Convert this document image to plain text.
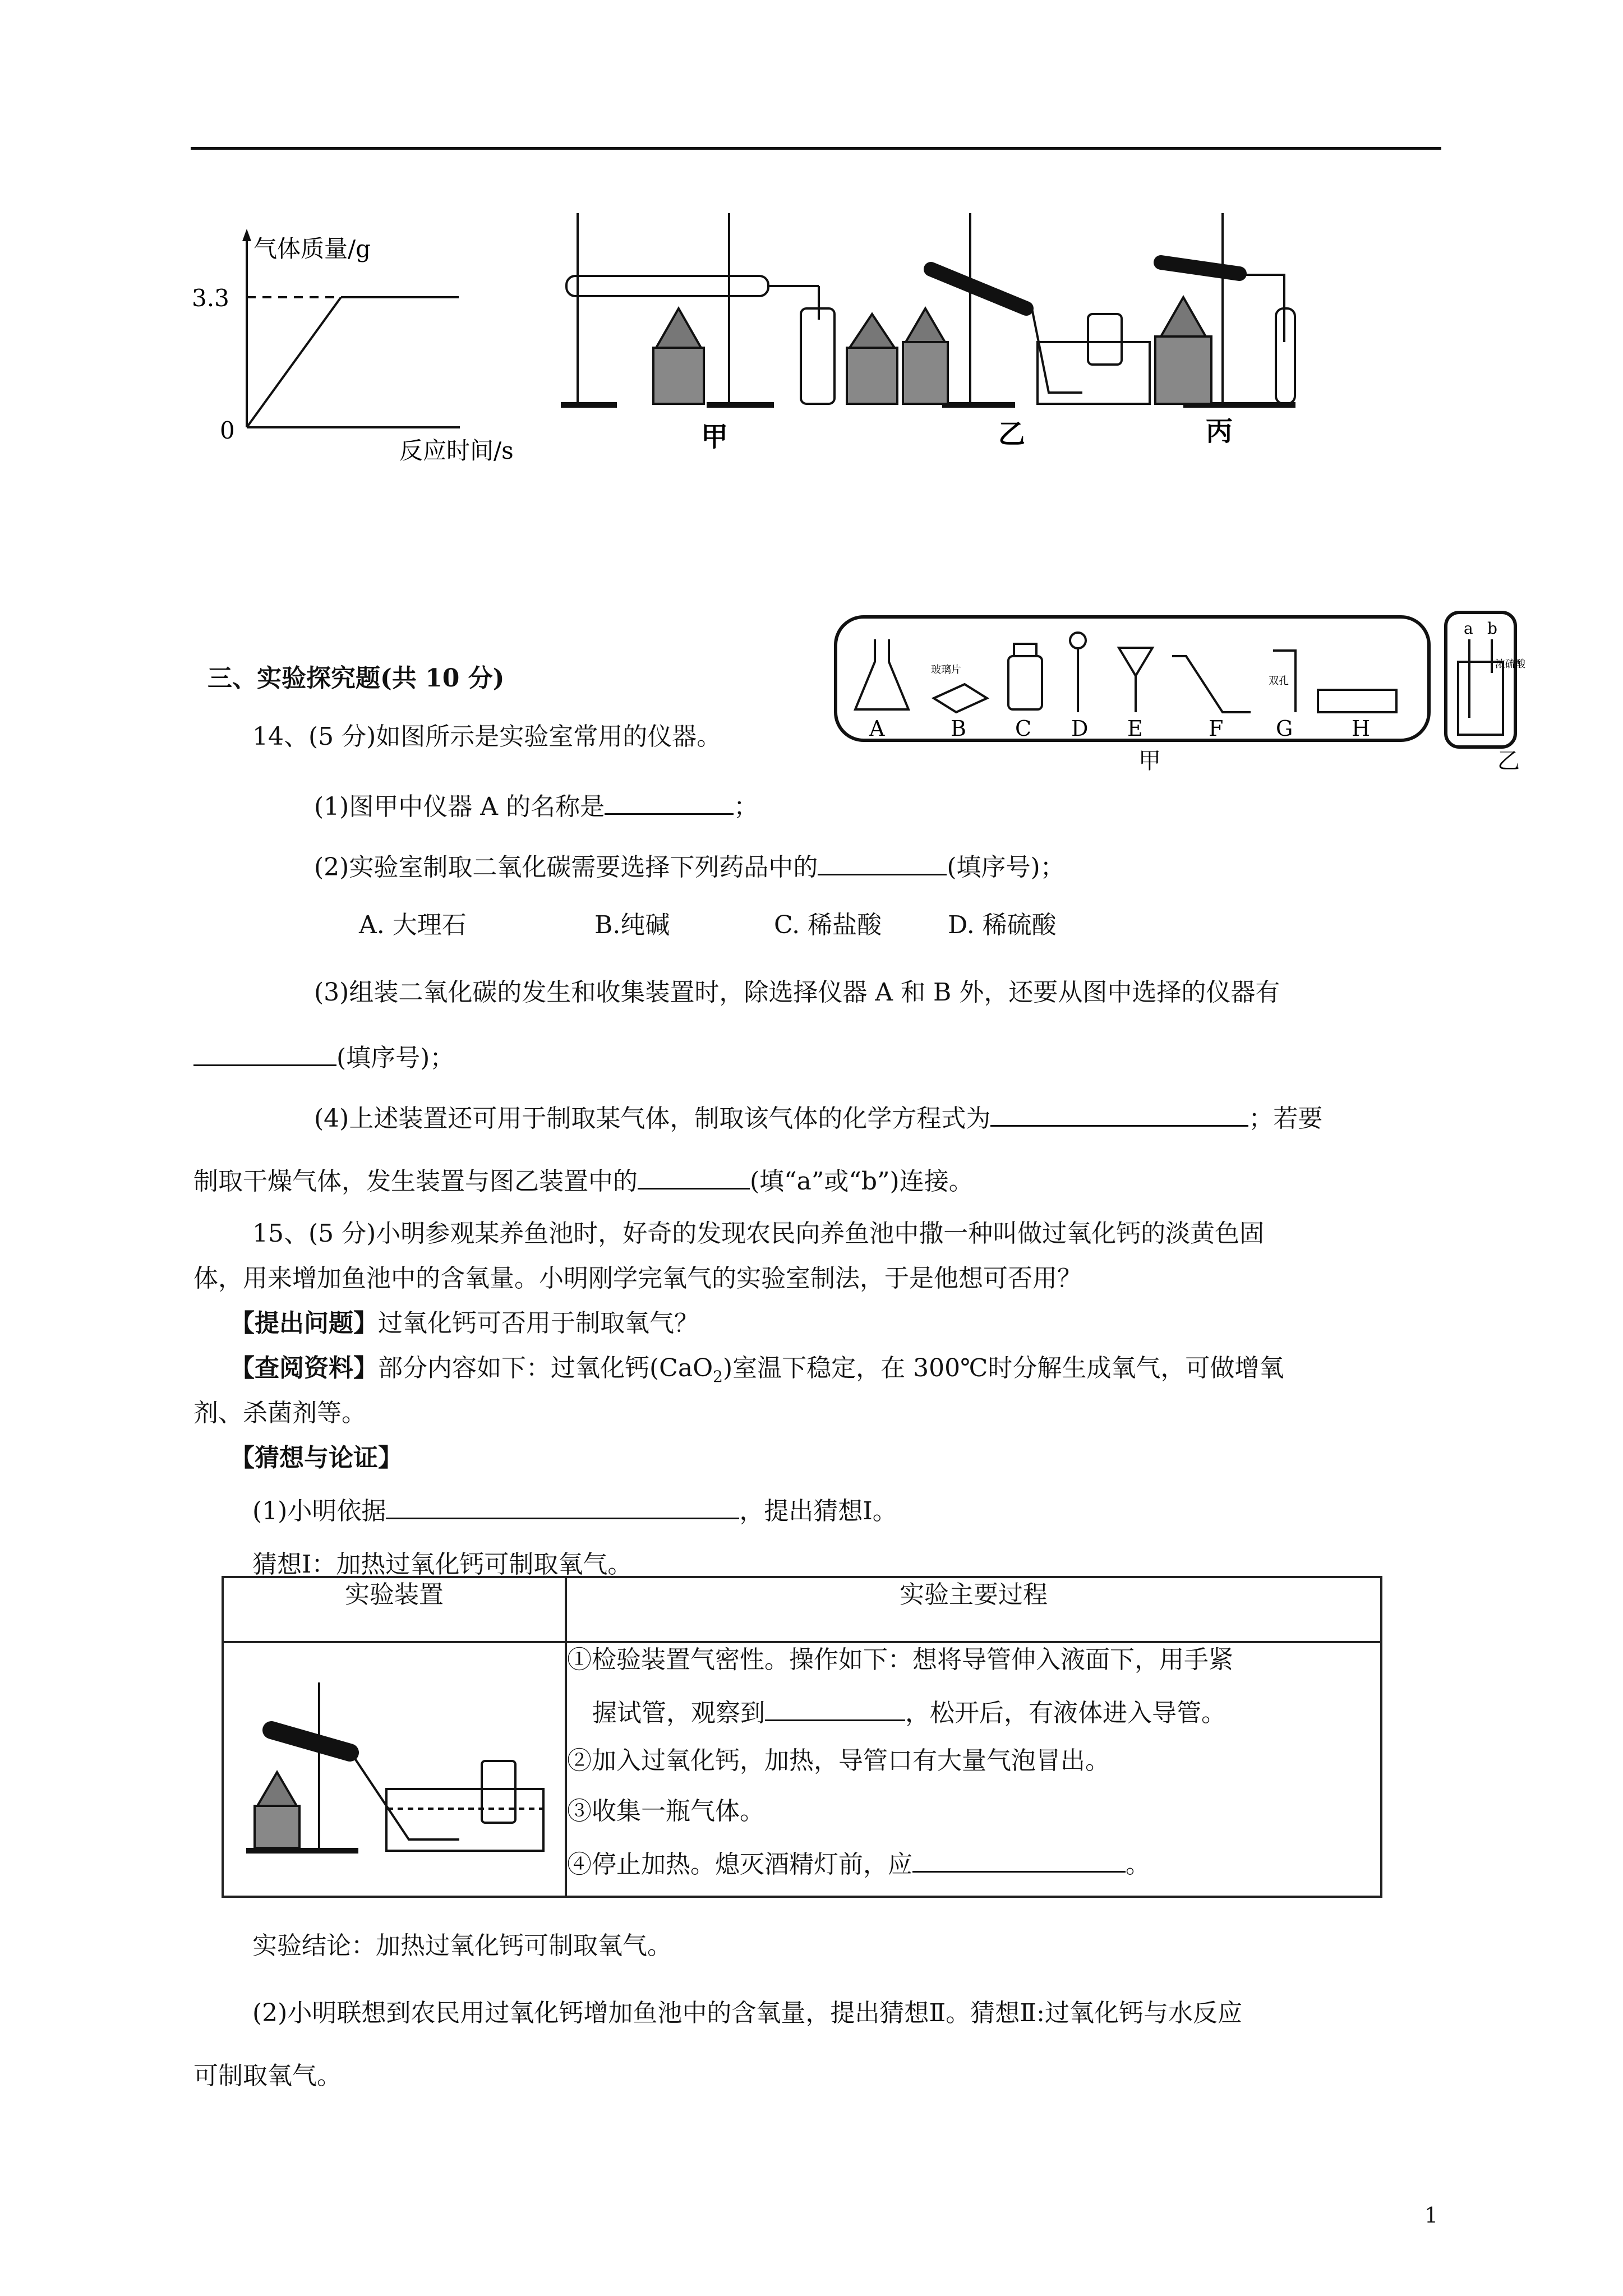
气体质量/g
3.3
0
反应时间/s	甲	乙	丙
玻璃片
双孔
浓硫酸
a b
A	B C D E	F G	H
甲	乙
三、实验探究题(共 10 分)
14、(5 分)如图所示是实验室常用的仪器。
(1)图甲中仪器 A 的名称是	；
(2)实验室制取二氧化碳需要选择下列药品中的	(填序号)；
A. 大理石	B.纯碱	C. 稀盐酸	D. 稀硫酸
(3)组装二氧化碳的发生和收集装置时，除选择仪器 A 和 B 外，还要从图中选择的仪器有
(填序号)；
(4)上述装置还可用于制取某气体，制取该气体的化学方程式为	；若要
制取干燥气体，发生装置与图乙装置中的	(填“a”或“b”)连接。
15、(5 分)小明参观某养鱼池时，好奇的发现农民向养鱼池中撒一种叫做过氧化钙的淡黄色固
体，用来增加鱼池中的含氧量。小明刚学完氧气的实验室制法，于是他想可否用？
【提出问题】过氧化钙可否用于制取氧气？
【查阅资料】部分内容如下：过氧化钙(CaO$_2$)室温下稳定，在 300℃时分解生成氧气，可做增氧
剂、杀菌剂等。
【猜想与论证】
(1)小明依据	，提出猜想Ⅰ。
猜想Ⅰ：加热过氧化钙可制取氧气。
实验装置	实验主要过程

①检验装置气密性。操作如下：想将导管伸入液面下，用手紧
握试管，观察到 ，松开后，有液体进入导管。
②加入过氧化钙，加热，导管口有大量气泡冒出。
③收集一瓶气体。
④停止加热。熄灭酒精灯前，应 。
实验结论：加热过氧化钙可制取氧气。
(2)小明联想到农民用过氧化钙增加鱼池中的含氧量，提出猜想Ⅱ。猜想Ⅱ:过氧化钙与水反应
可制取氧气。
1
